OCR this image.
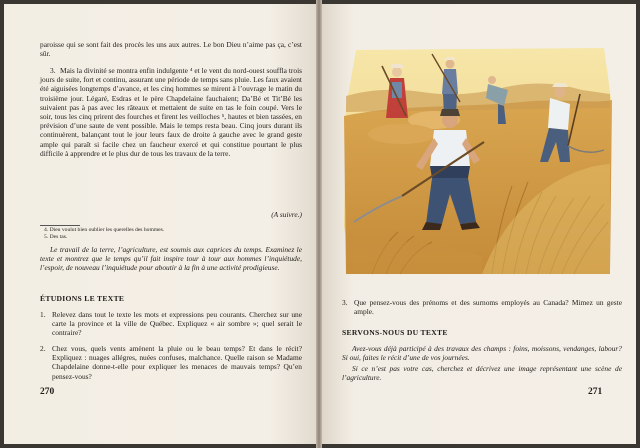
paroisse qui se sont fait des procès les uns aux autres. Le bon Dieu n’aime pas ça, c’est sûr.

3. Mais la divinité se montra enfin indulgente ⁴ et le vent du nord-ouest souffla trois jours de suite, fort et continu, assurant une période de temps sans pluie. Les faux avaient été aiguisées longtemps d’avance, et les cinq hommes se mirent à l’ouvrage le matin du troisième jour. Légaré, Esdras et le père Chapdelaine fauchaient; Da’Bé et Tit’Bé les suivaient pas à pas avec les râteaux et mettaient de suite en tas le foin coupé. Vers le soir, tous les cinq prirent des fourches et firent les veilloches ⁵, hautes et bien tassées, en prévision d’une saute de vent possible. Mais le temps resta beau. Cinq jours durant ils continuèrent, balançant tout le jour leurs faux de droite à gauche avec le grand geste ample qui paraît si facile chez un faucheur exercé et qui constitue pourtant le plus difficile à apprendre et le plus dur de tous les travaux de la terre.

(A suivre.)

4. Dieu voulut bien oublier les querelles des hommes.

5. Des tas.

Le travail de la terre, l’agriculture, est soumis aux caprices du temps. Examinez le texte et montrez que le temps qu’il fait inspire tour à tour aux hommes l’inquiétude, l’espoir, de nouveau l’inquiétude pour aboutir à la fin à une activité prodigieuse.

ÉTUDIONS LE TEXTE
1. Relevez dans tout le texte les mots et expressions peu courants. Cherchez sur une carte la province et la ville de Québec. Expliquez « air sombre »; quel serait le contraire?

2. Chez vous, quels vents amènent la pluie ou le beau temps? Et dans le récit? Expliquez : nuages allégres, nuées confuses, malchance. Quelle raison se Madame Chapdelaine donne-t-elle pour expliquer les menaces de mauvais temps? Qu’en pensez-vous?

270
3. Que pensez-vous des prénoms et des surnoms employés au Canada? Mimez un geste ample.

SERVONS-NOUS DU TEXTE

Avez-vous déjà participé à des travaux des champs : foins, moissons, vendanges, labour? Si oui, faites le récit d’une de vos journées.

Si ce n’est pas votre cas, cherchez et décrivez une image représentant une scène de l’agriculture.

271
